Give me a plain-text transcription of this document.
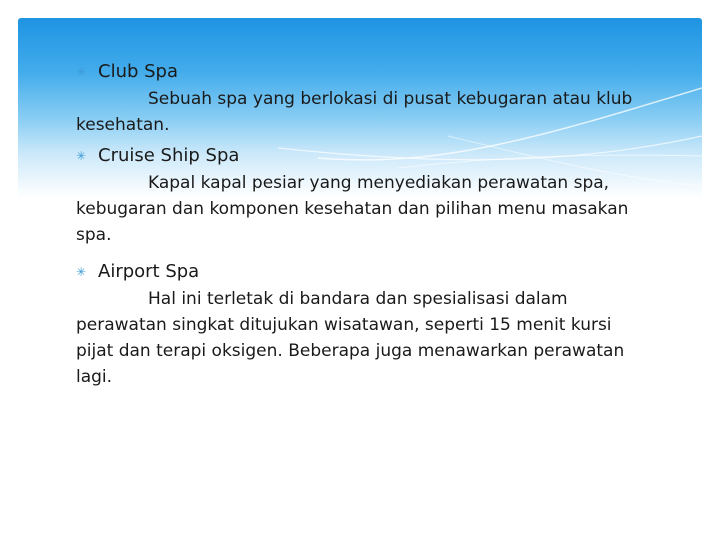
✳ Club Spa

Sebuah spa yang berlokasi di pusat kebugaran atau klub kesehatan.

✳ Cruise Ship Spa

Kapal kapal pesiar yang menyediakan perawatan spa, kebugaran dan komponen kesehatan dan pilihan menu masakan spa.

✳ Airport Spa

Hal ini terletak di bandara dan spesialisasi dalam perawatan singkat ditujukan wisatawan, seperti 15 menit kursi pijat dan terapi oksigen. Beberapa juga menawarkan perawatan lagi.
